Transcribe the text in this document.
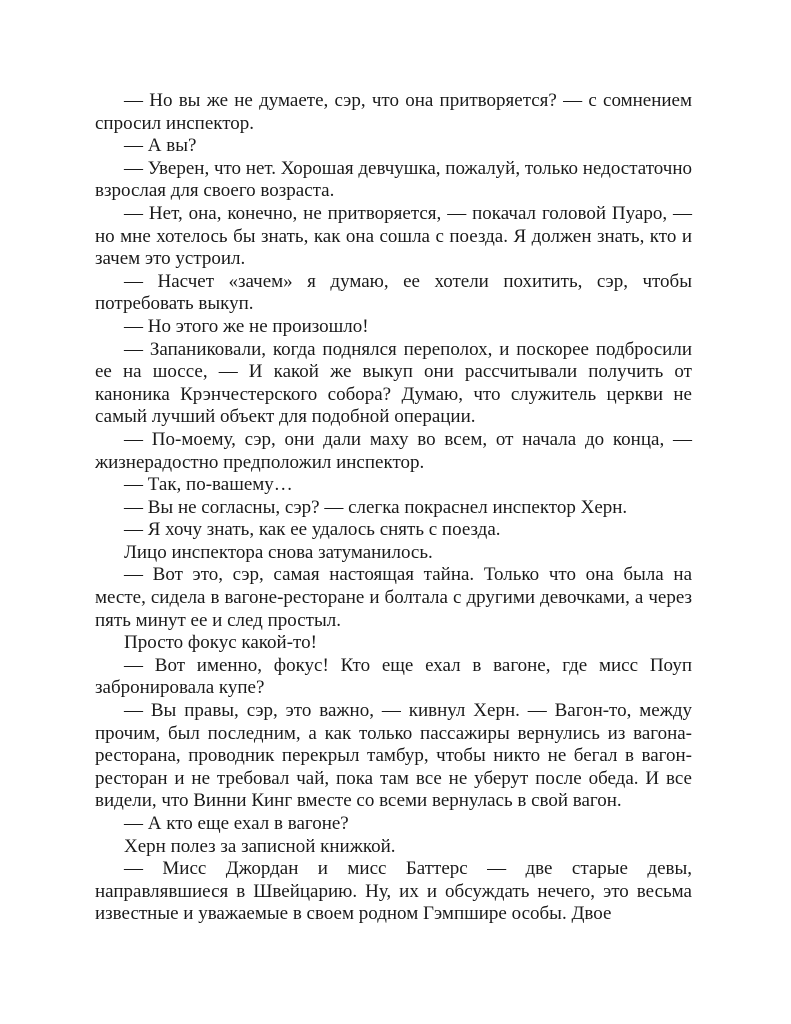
— Но вы же не думаете, сэр, что она притворяется? — с сомнением спросил инспектор.

— А вы?

— Уверен, что нет. Хорошая девчушка, пожалуй, только недостаточно взрослая для своего возраста.

— Нет, она, конечно, не притворяется, — покачал головой Пуаро, — но мне хотелось бы знать, как она сошла с поезда. Я должен знать, кто и зачем это устроил.

— Насчет «зачем» я думаю, ее хотели похитить, сэр, чтобы потребовать выкуп.

— Но этого же не произошло!

— Запаниковали, когда поднялся переполох, и поскорее подбросили ее на шоссе, — И какой же выкуп они рассчитывали получить от каноника Крэнчестерского собора? Думаю, что служитель церкви не самый лучший объект для подобной операции.

— По-моему, сэр, они дали маху во всем, от начала до конца, — жизнерадостно предположил инспектор.

— Так, по-вашему…

— Вы не согласны, сэр? — слегка покраснел инспектор Херн.

— Я хочу знать, как ее удалось снять с поезда.

Лицо инспектора снова затуманилось.

— Вот это, сэр, самая настоящая тайна. Только что она была на месте, сидела в вагоне-ресторане и болтала с другими девочками, а через пять минут ее и след простыл.

Просто фокус какой-то!

— Вот именно, фокус! Кто еще ехал в вагоне, где мисс Поуп забронировала купе?

— Вы правы, сэр, это важно, — кивнул Херн. — Вагон-то, между прочим, был последним, а как только пассажиры вернулись из вагона-ресторана, проводник перекрыл тамбур, чтобы никто не бегал в вагон-ресторан и не требовал чай, пока там все не уберут после обеда. И все видели, что Винни Кинг вместе со всеми вернулась в свой вагон.

— А кто еще ехал в вагоне?

Херн полез за записной книжкой.

— Мисс Джордан и мисс Баттерс — две старые девы, направлявшиеся в Швейцарию. Ну, их и обсуждать нечего, это весьма известные и уважаемые в своем родном Гэмпшире особы. Двое
